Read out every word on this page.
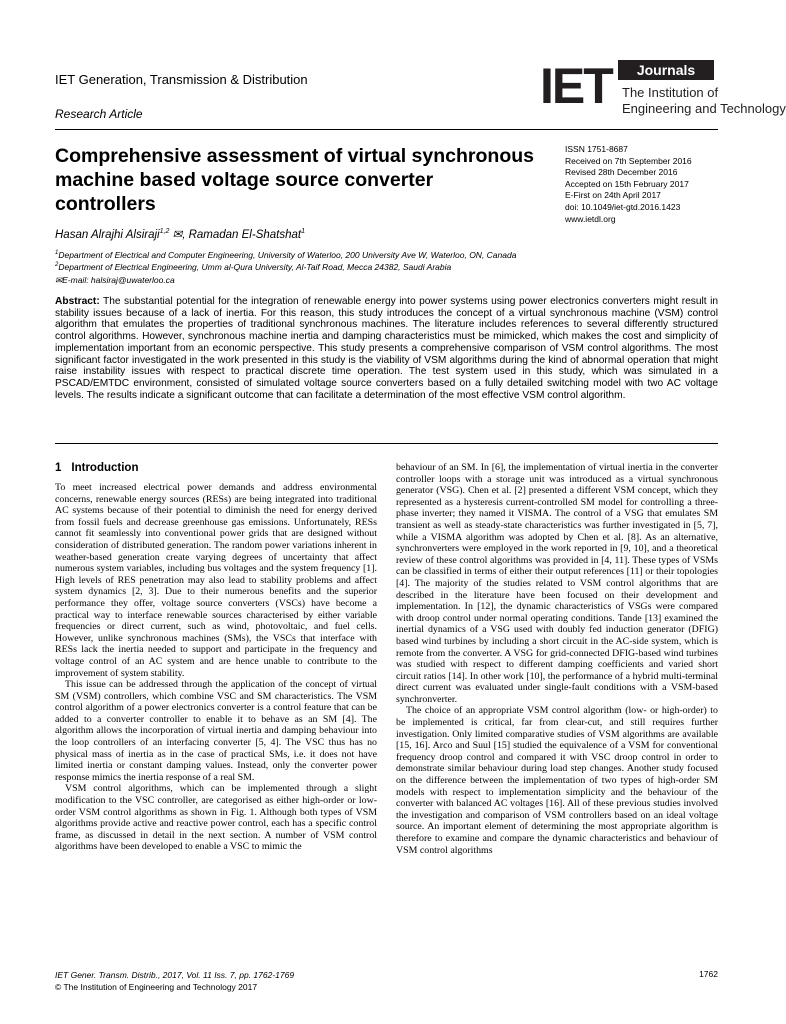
IET Generation, Transmission & Distribution
Research Article	IET	Journals
The Institution of
Engineering and Technology
Comprehensive assessment of virtual synchronous machine based voltage source converter controllers
ISSN 1751-8687
Received on 7th September 2016
Revised 28th December 2016
Accepted on 15th February 2017
E-First on 24th April 2017
doi: 10.1049/iet-gtd.2016.1423
www.ietdl.org
Hasan Alrajhi Alsiraji$^{1,2}$ ✉, Ramadan El-Shatshat$^1$
$^1$Department of Electrical and Computer Engineering, University of Waterloo, 200 University Ave W, Waterloo, ON, Canada
$^2$Department of Electrical Engineering, Umm al-Qura University, Al-Taif Road, Mecca 24382, Saudi Arabia
✉E-mail: halsiraj@uwaterloo.ca
Abstract: The substantial potential for the integration of renewable energy into power systems using power electronics converters might result in stability issues because of a lack of inertia. For this reason, this study introduces the concept of a virtual synchronous machine (VSM) control algorithm that emulates the properties of traditional synchronous machines. The literature includes references to several differently structured control algorithms. However, synchronous machine inertia and damping characteristics must be mimicked, which makes the cost and simplicity of implementation important from an economic perspective. This study presents a comprehensive comparison of VSM control algorithms. The most significant factor investigated in the work presented in this study is the viability of VSM algorithms during the kind of abnormal operation that might raise instability issues with respect to practical discrete time operation. The test system used in this study, which was simulated in a PSCAD/EMTDC environment, consisted of simulated voltage source converters based on a fully detailed switching model with two AC voltage levels. The results indicate a significant outcome that can facilitate a determination of the most effective VSM control algorithm.
1 Introduction

To meet increased electrical power demands and address environmental concerns, renewable energy sources (RESs) are being integrated into traditional AC systems because of their potential to diminish the need for energy derived from fossil fuels and decrease greenhouse gas emissions. Unfortunately, RESs cannot fit seamlessly into conventional power grids that are designed without consideration of distributed generation. The random power variations inherent in weather-based generation create varying degrees of uncertainty that affect numerous system variables, including bus voltages and the system frequency [1]. High levels of RES penetration may also lead to stability problems and affect system dynamics [2, 3]. Due to their numerous benefits and the superior performance they offer, voltage source converters (VSCs) have become a practical way to interface renewable sources characterised by either variable frequencies or direct current, such as wind, photovoltaic, and fuel cells. However, unlike synchronous machines (SMs), the VSCs that interface with RESs lack the inertia needed to support and participate in the frequency and voltage control of an AC system and are hence unable to contribute to the improvement of system stability.

This issue can be addressed through the application of the concept of virtual SM (VSM) controllers, which combine VSC and SM characteristics. The VSM control algorithm of a power electronics converter is a control feature that can be added to a converter controller to enable it to behave as an SM [4]. The algorithm allows the incorporation of virtual inertia and damping behaviour into the loop controllers of an interfacing converter [5, 4]. The VSC thus has no physical mass of inertia as in the case of practical SMs, i.e. it does not have limited inertia or constant damping values. Instead, only the converter power response mimics the inertia response of a real SM.

VSM control algorithms, which can be implemented through a slight modification to the VSC controller, are categorised as either high-order or low-order VSM control algorithms as shown in Fig. 1. Although both types of VSM algorithms provide active and reactive power control, each has a specific control frame, as discussed in detail in the next section. A number of VSM control algorithms have been developed to enable a VSC to mimic the

behaviour of an SM. In [6], the implementation of virtual inertia in the converter controller loops with a storage unit was introduced as a virtual synchronous generator (VSG). Chen et al. [2] presented a different VSM concept, which they represented as a hysteresis current-controlled SM model for controlling a three-phase inverter; they named it VISMA. The control of a VSG that emulates SM transient as well as steady-state characteristics was further investigated in [5, 7], while a VISMA algorithm was adopted by Chen et al. [8]. As an alternative, synchronverters were employed in the work reported in [9, 10], and a theoretical review of these control algorithms was provided in [4, 11]. These types of VSMs can be classified in terms of either their output references [11] or their topologies [4]. The majority of the studies related to VSM control algorithms that are described in the literature have been focused on their development and implementation. In [12], the dynamic characteristics of VSGs were compared with droop control under normal operating conditions. Tande [13] examined the inertial dynamics of a VSG used with doubly fed induction generator (DFIG) based wind turbines by including a short circuit in the AC-side system, which is remote from the converter. A VSG for grid-connected DFIG-based wind turbines was studied with respect to different damping coefficients and varied short circuit ratios [14]. In other work [10], the performance of a hybrid multi-terminal direct current was evaluated under single-fault conditions with a VSM-based synchronverter.

The choice of an appropriate VSM control algorithm (low- or high-order) to be implemented is critical, far from clear-cut, and still requires further investigation. Only limited comparative studies of VSM algorithms are available [15, 16]. Arco and Suul [15] studied the equivalence of a VSM for conventional frequency droop control and compared it with VSC droop control in order to demonstrate similar behaviour during load step changes. Another study focused on the difference between the implementation of two types of high-order SM models with respect to implementation simplicity and the behaviour of the converter with balanced AC voltages [16]. All of these previous studies involved the investigation and comparison of VSM controllers based on an ideal voltage source. An important element of determining the most appropriate algorithm is therefore to examine and compare the dynamic characteristics and behaviour of VSM control algorithms

IET Gener. Transm. Distrib., 2017, Vol. 11 Iss. 7, pp. 1762-1769
© The Institution of Engineering and Technology 2017
1762
